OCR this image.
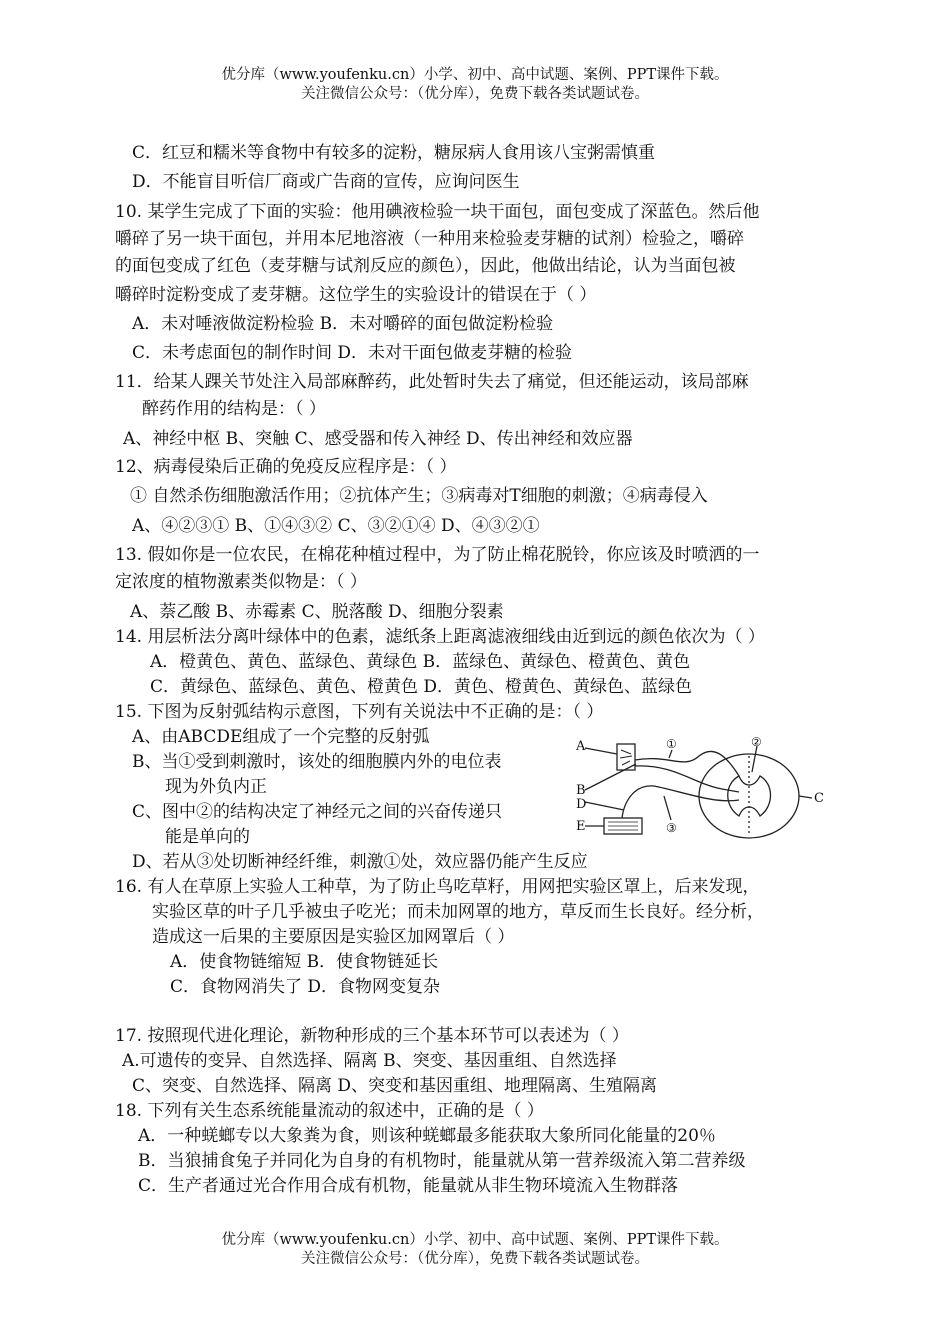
优分库（www.youfenku.cn）小学、初中、高中试题、案例、PPT课件下载。
关注微信公众号：（优分库），免费下载各类试题试卷。
C．红豆和糯米等食物中有较多的淀粉，糖尿病人食用该八宝粥需慎重
D．不能盲目听信厂商或广告商的宣传，应询问医生
10. 某学生完成了下面的实验：他用碘液检验一块干面包，面包变成了深蓝色。然后他
嚼碎了另一块干面包，并用本尼地溶液（一种用来检验麦芽糖的试剂）检验之，嚼碎
的面包变成了红色（麦芽糖与试剂反应的颜色），因此，他做出结论，认为当面包被
嚼碎时淀粉变成了麦芽糖。这位学生的实验设计的错误在于（ ）
A．未对唾液做淀粉检验 B．未对嚼碎的面包做淀粉检验
C．未考虑面包的制作时间 D．未对干面包做麦芽糖的检验
11．给某人踝关节处注入局部麻醉药，此处暂时失去了痛觉，但还能运动，该局部麻
醉药作用的结构是：（ ）
A、神经中枢 B、突触 C、感受器和传入神经 D、传出神经和效应器
12、病毒侵染后正确的免疫反应程序是：（ ）
① 自然杀伤细胞激活作用；②抗体产生；③病毒对T细胞的刺激；④病毒侵入
A、④②③① B、①④③② C、③②①④ D、④③②①
13. 假如你是一位农民，在棉花种植过程中，为了防止棉花脱铃，你应该及时喷洒的一
定浓度的植物激素类似物是：（ ）
A、萘乙酸 B、赤霉素 C、脱落酸 D、细胞分裂素
14. 用层析法分离叶绿体中的色素，滤纸条上距离滤液细线由近到远的颜色依次为（ ）
A．橙黄色、黄色、蓝绿色、黄绿色 B．蓝绿色、黄绿色、橙黄色、黄色
C．黄绿色、蓝绿色、黄色、橙黄色 D．黄色、橙黄色、黄绿色、蓝绿色
15. 下图为反射弧结构示意图，下列有关说法中不正确的是：（ ）
A、由ABCDE组成了一个完整的反射弧
B、当①受到刺激时，该处的细胞膜内外的电位表
现为外负内正
C、图中②的结构决定了神经元之间的兴奋传递只
能是单向的
D、若从③处切断神经纤维，刺激①处，效应器仍能产生反应
A
B
C
D
E
①	②
③
16. 有人在草原上实验人工种草，为了防止鸟吃草籽，用网把实验区罩上，后来发现，
实验区草的叶子几乎被虫子吃光；而未加网罩的地方，草反而生长良好。经分析，
造成这一后果的主要原因是实验区加网罩后（ ）
A．使食物链缩短 B．使食物链延长
C．食物网消失了 D．食物网变复杂
17. 按照现代进化理论，新物种形成的三个基本环节可以表述为（ ）
A.可遗传的变异、自然选择、隔离 B、突变、基因重组、自然选择
C、突变、自然选择、隔离 D、突变和基因重组、地理隔离、生殖隔离
18. 下列有关生态系统能量流动的叙述中，正确的是（ ）
A．一种蜣螂专以大象粪为食，则该种蜣螂最多能获取大象所同化能量的20％
B．当狼捕食兔子并同化为自身的有机物时，能量就从第一营养级流入第二营养级
C．生产者通过光合作用合成有机物，能量就从非生物环境流入生物群落
优分库（www.youfenku.cn）小学、初中、高中试题、案例、PPT课件下载。
关注微信公众号：（优分库），免费下载各类试题试卷。
